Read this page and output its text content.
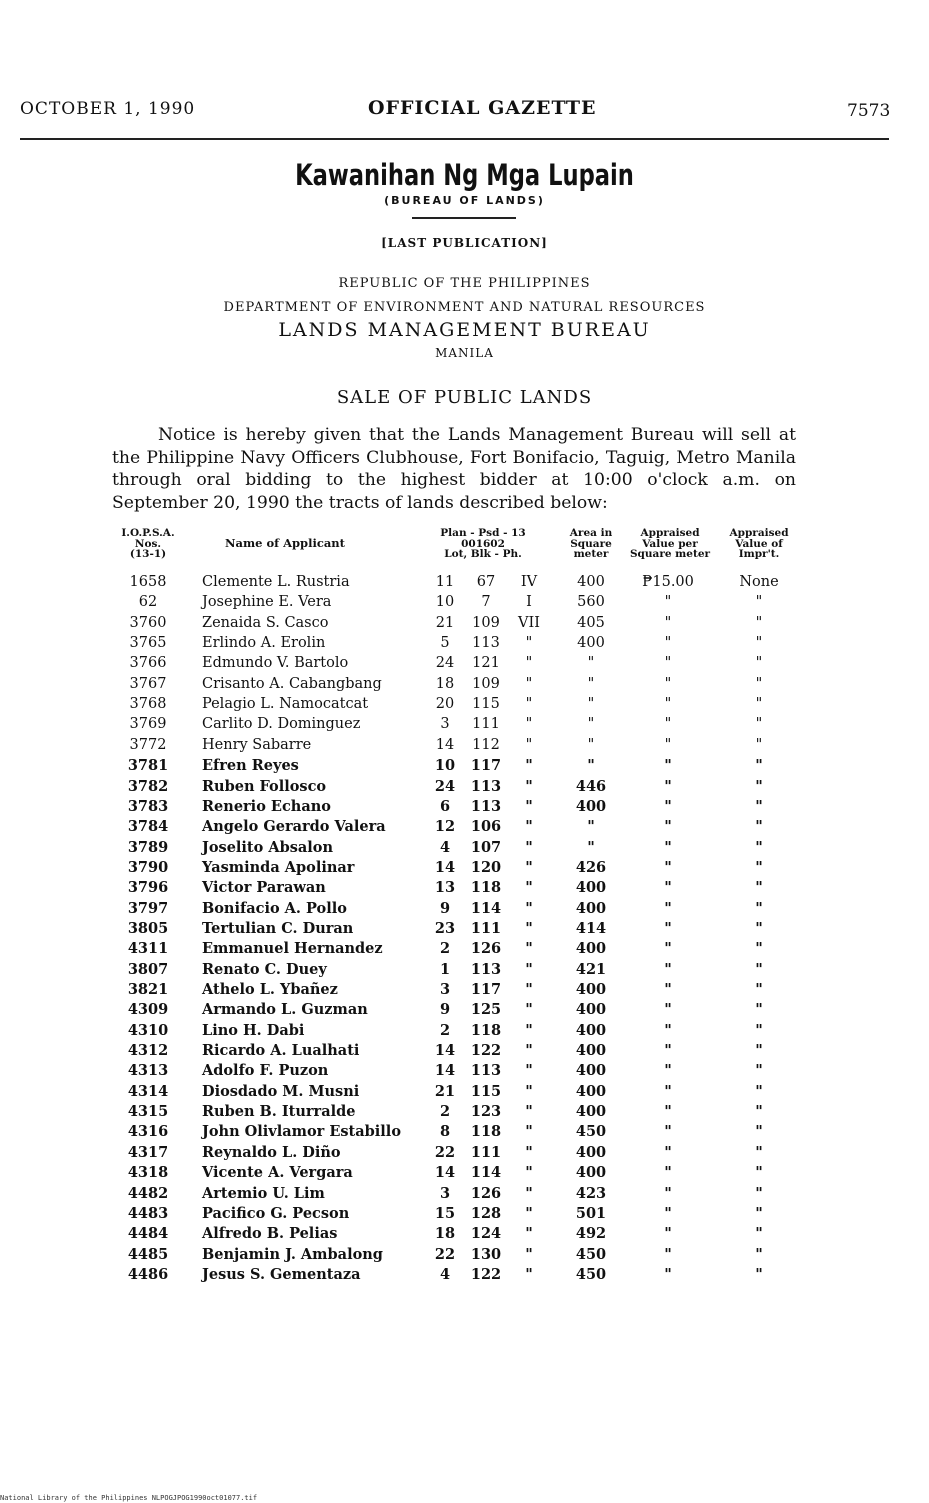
OCTOBER 1, 1990	OFFICIAL GAZETTE	7573
Kawanihan Ng Mga Lupain
(BUREAU OF LANDS)
[LAST PUBLICATION]
REPUBLIC OF THE PHILIPPINES
DEPARTMENT OF ENVIRONMENT AND NATURAL RESOURCES
LANDS MANAGEMENT BUREAU
MANILA
SALE OF PUBLIC LANDS

Notice is hereby given that the Lands Management Bureau will sell at the Philippine Navy Officers Clubhouse, Fort Bonifacio, Taguig, Metro Manila through oral bidding to the highest bidder at 10:00 o'clock a.m. on September 20, 1990 the tracts of lands described below:

I.O.P.S.A.
Nos.
(13-1)
Name of Applicant
Plan - Psd - 13
001602
Lot, Blk - Ph.
Area in
Square
meter
Appraised
Value per
Square meter
Appraised
Value of
Impr't.
1658	Clemente L. Rustria	11	67	IV	400	₱15.00	None
62	Josephine E. Vera	10	7	I	560	"	"
3760	Zenaida S. Casco	21	109	VII	405	"	"
3765	Erlindo A. Erolin	5	113	"	400	"	"
3766	Edmundo V. Bartolo	24	121	"	"	"	"
3767	Crisanto A. Cabangbang	18	109	"	"	"	"
3768	Pelagio L. Namocatcat	20	115	"	"	"	"
3769	Carlito D. Dominguez	3	111	"	"	"	"
3772	Henry Sabarre	14	112	"	"	"	"
3781	Efren Reyes	10	117	"	"	"	"
3782	Ruben Follosco	24	113	"	446	"	"
3783	Renerio Echano	6	113	"	400	"	"
3784	Angelo Gerardo Valera	12	106	"	"	"	"
3789	Joselito Absalon	4	107	"	"	"	"
3790	Yasminda Apolinar	14	120	"	426	"	"
3796	Victor Parawan	13	118	"	400	"	"
3797	Bonifacio A. Pollo	9	114	"	400	"	"
3805	Tertulian C. Duran	23	111	"	414	"	"
4311	Emmanuel Hernandez	2	126	"	400	"	"
3807	Renato C. Duey	1	113	"	421	"	"
3821	Athelo L. Ybañez	3	117	"	400	"	"
4309	Armando L. Guzman	9	125	"	400	"	"
4310	Lino H. Dabi	2	118	"	400	"	"
4312	Ricardo A. Lualhati	14	122	"	400	"	"
4313	Adolfo F. Puzon	14	113	"	400	"	"
4314	Diosdado M. Musni	21	115	"	400	"	"
4315	Ruben B. Iturralde	2	123	"	400	"	"
4316	John Olivlamor Estabillo	8	118	"	450	"	"
4317	Reynaldo L. Diño	22	111	"	400	"	"
4318	Vicente A. Vergara	14	114	"	400	"	"
4482	Artemio U. Lim	3	126	"	423	"	"
4483	Pacifico G. Pecson	15	128	"	501	"	"
4484	Alfredo B. Pelias	18	124	"	492	"	"
4485	Benjamin J. Ambalong	22	130	"	450	"	"
4486	Jesus S. Gementaza	4	122	"	450	"	"
National Library of the Philippines NLPOGJPOG1990oct01077.tif
